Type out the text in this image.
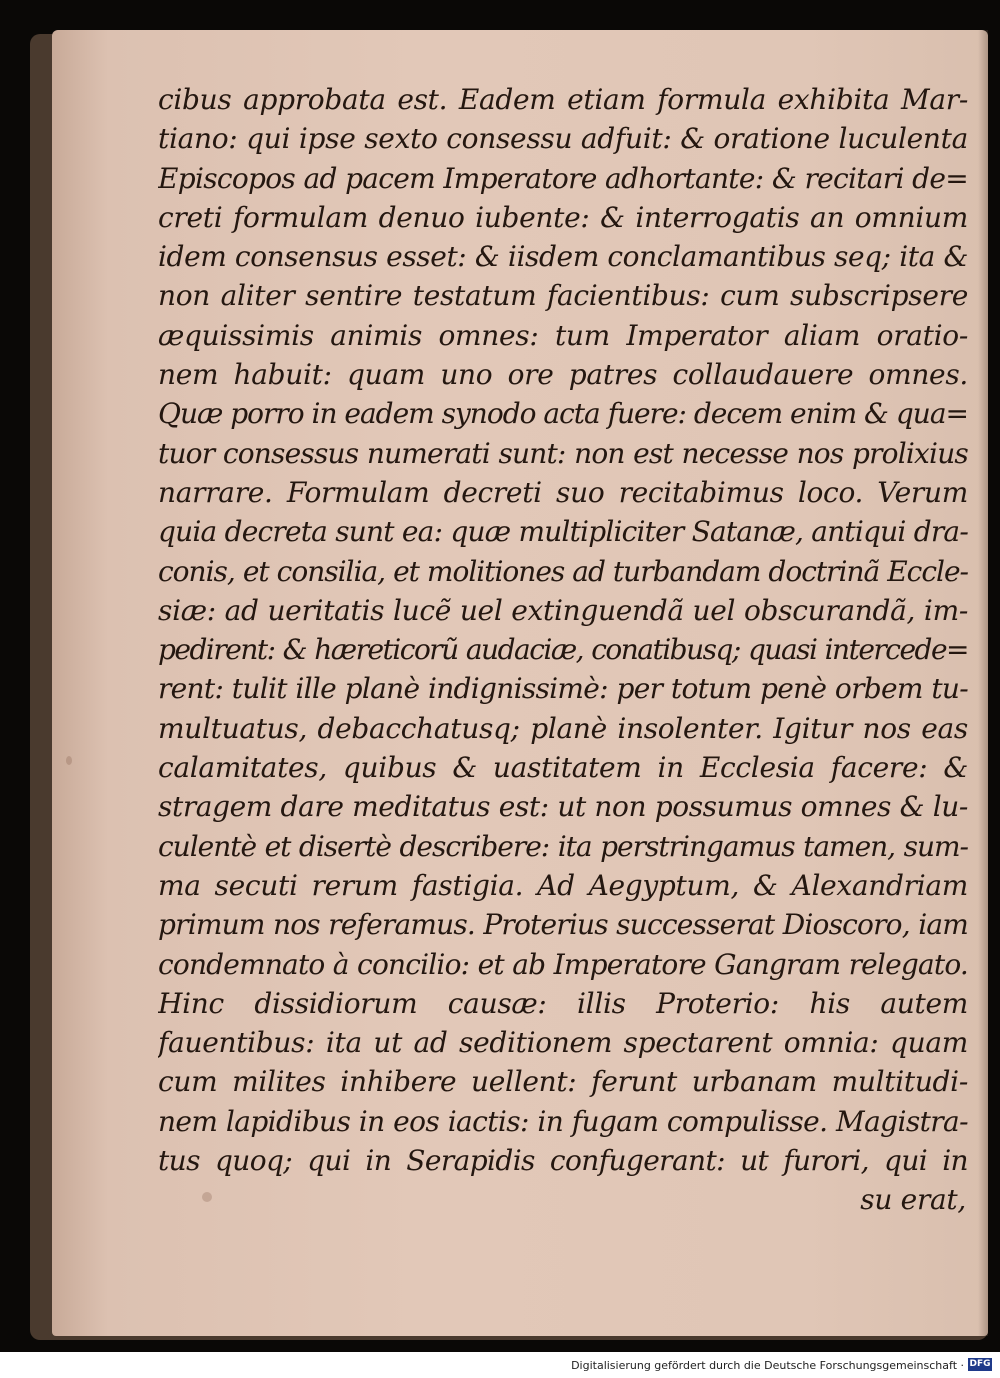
cibus approbata est. Eadem etiam formula exhibita Mar-
tiano: qui ipse sexto consessu adfuit: & oratione luculenta
Episcopos ad pacem Imperatore adhortante: & recitari de=
creti formulam denuo iubente: & interrogatis an omnium
idem consensus esset: & iisdem conclamantibus seq; ita &
non aliter sentire testatum facientibus: cum subscripsere
æquissimis animis omnes: tum Imperator aliam oratio-
nem habuit: quam uno ore patres collaudauere omnes.
Quæ porro in eadem synodo acta fuere: decem enim & qua=
tuor consessus numerati sunt: non est necesse nos prolixius
narrare. Formulam decreti suo recitabimus loco. Verum
quia decreta sunt ea: quæ multipliciter Satanæ, antiqui dra-
conis, et consilia, et molitiones ad turbandam doctrinã Eccle-
siæ: ad ueritatis lucẽ uel extinguendã uel obscurandã, im-
pedirent: & hæreticorũ audaciæ, conatibusq; quasi intercede=
rent: tulit ille planè indignissimè: per totum penè orbem tu-
multuatus, debacchatusq; planè insolenter. Igitur nos eas
calamitates, quibus & uastitatem in Ecclesia facere: &
stragem dare meditatus est: ut non possumus omnes & lu-
culentè et disertè describere: ita perstringamus tamen, sum-
ma secuti rerum fastigia. Ad Aegyptum, & Alexandriam
primum nos referamus. Proterius successerat Dioscoro, iam
condemnato à concilio: et ab Imperatore Gangram relegato.
Hinc dissidiorum causæ: illis Proterio: his autem
fauentibus: ita ut ad seditionem spectarent omnia: quam
cum milites inhibere uellent: ferunt urbanam multitudi-
nem lapidibus in eos iactis: in fugam compulisse. Magistra-
tus quoq; qui in Serapidis confugerant: ut furori, qui in
su erat,
Digitalisierung gefördert durch die Deutsche Forschungsgemeinschaft · DFG
